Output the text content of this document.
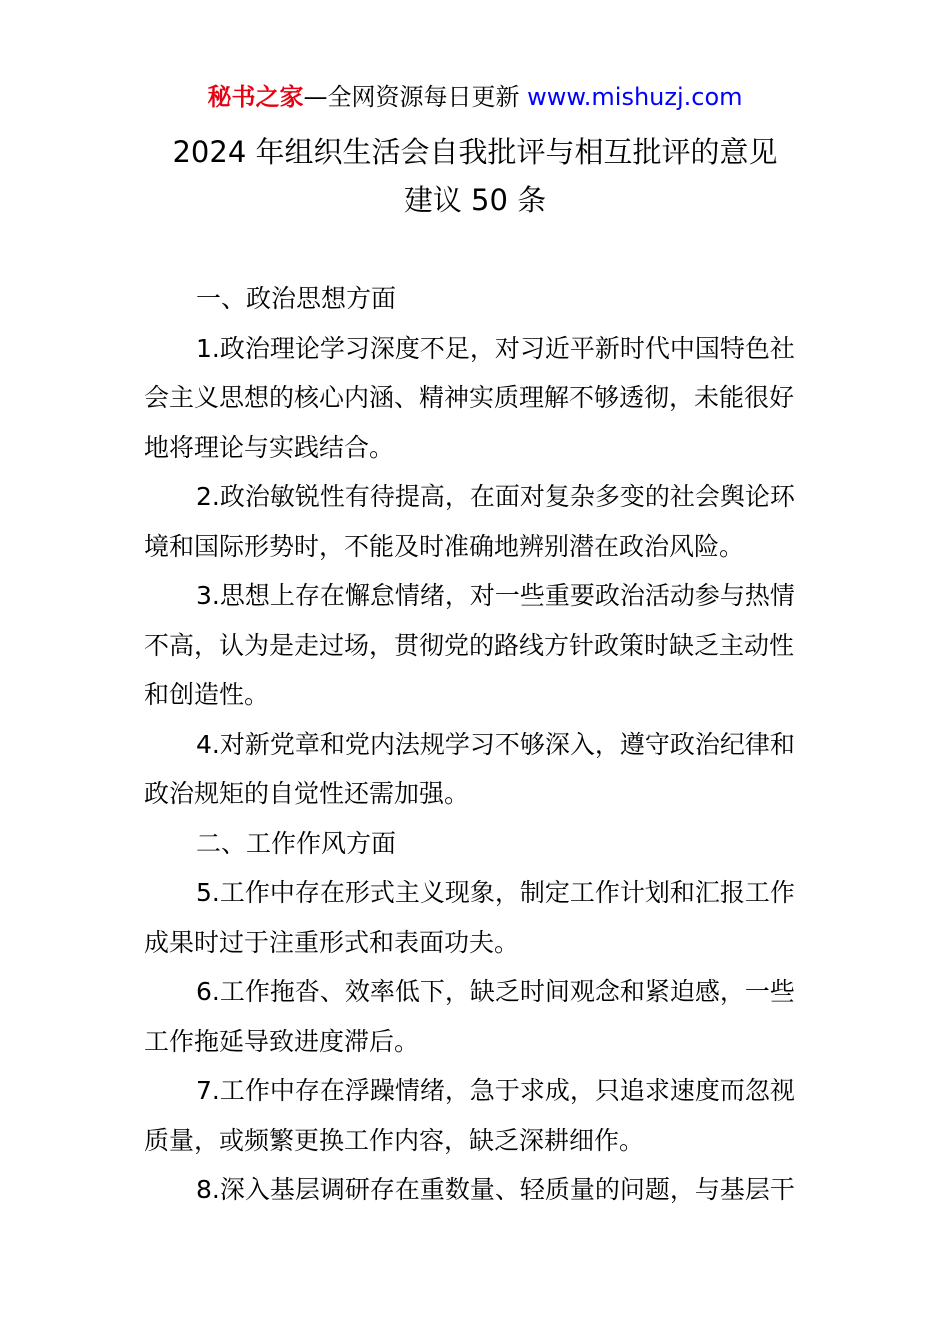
秘书之家—全网资源每日更新 www.mishuzj.com
2024 年组织生活会自我批评与相互批评的意见
建议 50 条

一、政治思想方面

1.政治理论学习深度不足，对习近平新时代中国特色社会主义思想的核心内涵、精神实质理解不够透彻，未能很好地将理论与实践结合。

2.政治敏锐性有待提高，在面对复杂多变的社会舆论环境和国际形势时，不能及时准确地辨别潜在政治风险。

3.思想上存在懈怠情绪，对一些重要政治活动参与热情不高，认为是走过场，贯彻党的路线方针政策时缺乏主动性和创造性。

4.对新党章和党内法规学习不够深入，遵守政治纪律和政治规矩的自觉性还需加强。

二、工作作风方面

5.工作中存在形式主义现象，制定工作计划和汇报工作成果时过于注重形式和表面功夫。

6.工作拖沓、效率低下，缺乏时间观念和紧迫感，一些工作拖延导致进度滞后。

7.工作中存在浮躁情绪，急于求成，只追求速度而忽视质量，或频繁更换工作内容，缺乏深耕细作。

8.深入基层调研存在重数量、轻质量的问题，与基层干
